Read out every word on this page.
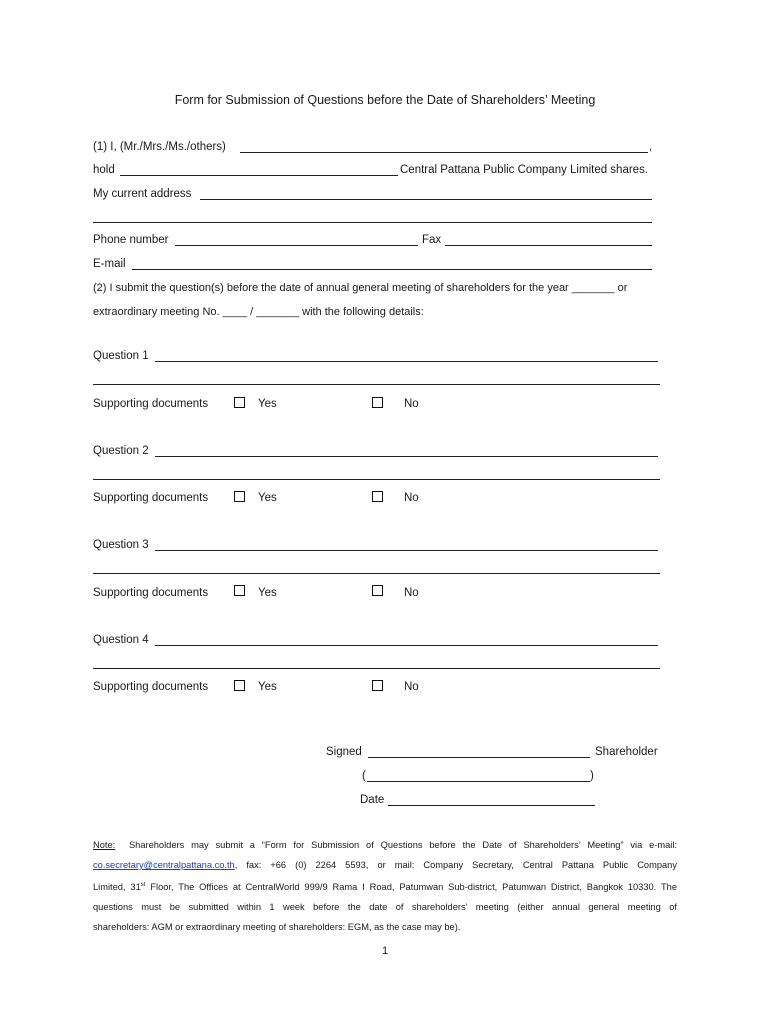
Form for Submission of Questions before the Date of Shareholders’ Meeting
(1) I, (Mr./Mrs./Ms./others)	,
hold	Central Pattana Public Company Limited shares.
My current address
Phone number	Fax
E-mail
(2) I submit the question(s) before the date of annual general meeting of shareholders for the year _______ or
extraordinary meeting No. ____ / _______ with the following details:
Question 1
Supporting documents	Yes	No
Question 2
Supporting documents	Yes	No
Question 3
Supporting documents	Yes	No
Question 4
Supporting documents	Yes	No
Signed	Shareholder
(	)
Date

Note: Shareholders may submit a “Form for Submission of Questions before the Date of Shareholders’ Meeting” via e-mail:

co.secretary@centralpattana.co.th, fax: +66 (0) 2264 5593, or mail: Company Secretary, Central Pattana Public Company

Limited, 31st Floor, The Offices at CentralWorld 999/9 Rama I Road, Patumwan Sub-district, Patumwan District, Bangkok 10330. The

questions must be submitted within 1 week before the date of shareholders’ meeting (either annual general meeting of

shareholders: AGM or extraordinary meeting of shareholders: EGM, as the case may be).

1
